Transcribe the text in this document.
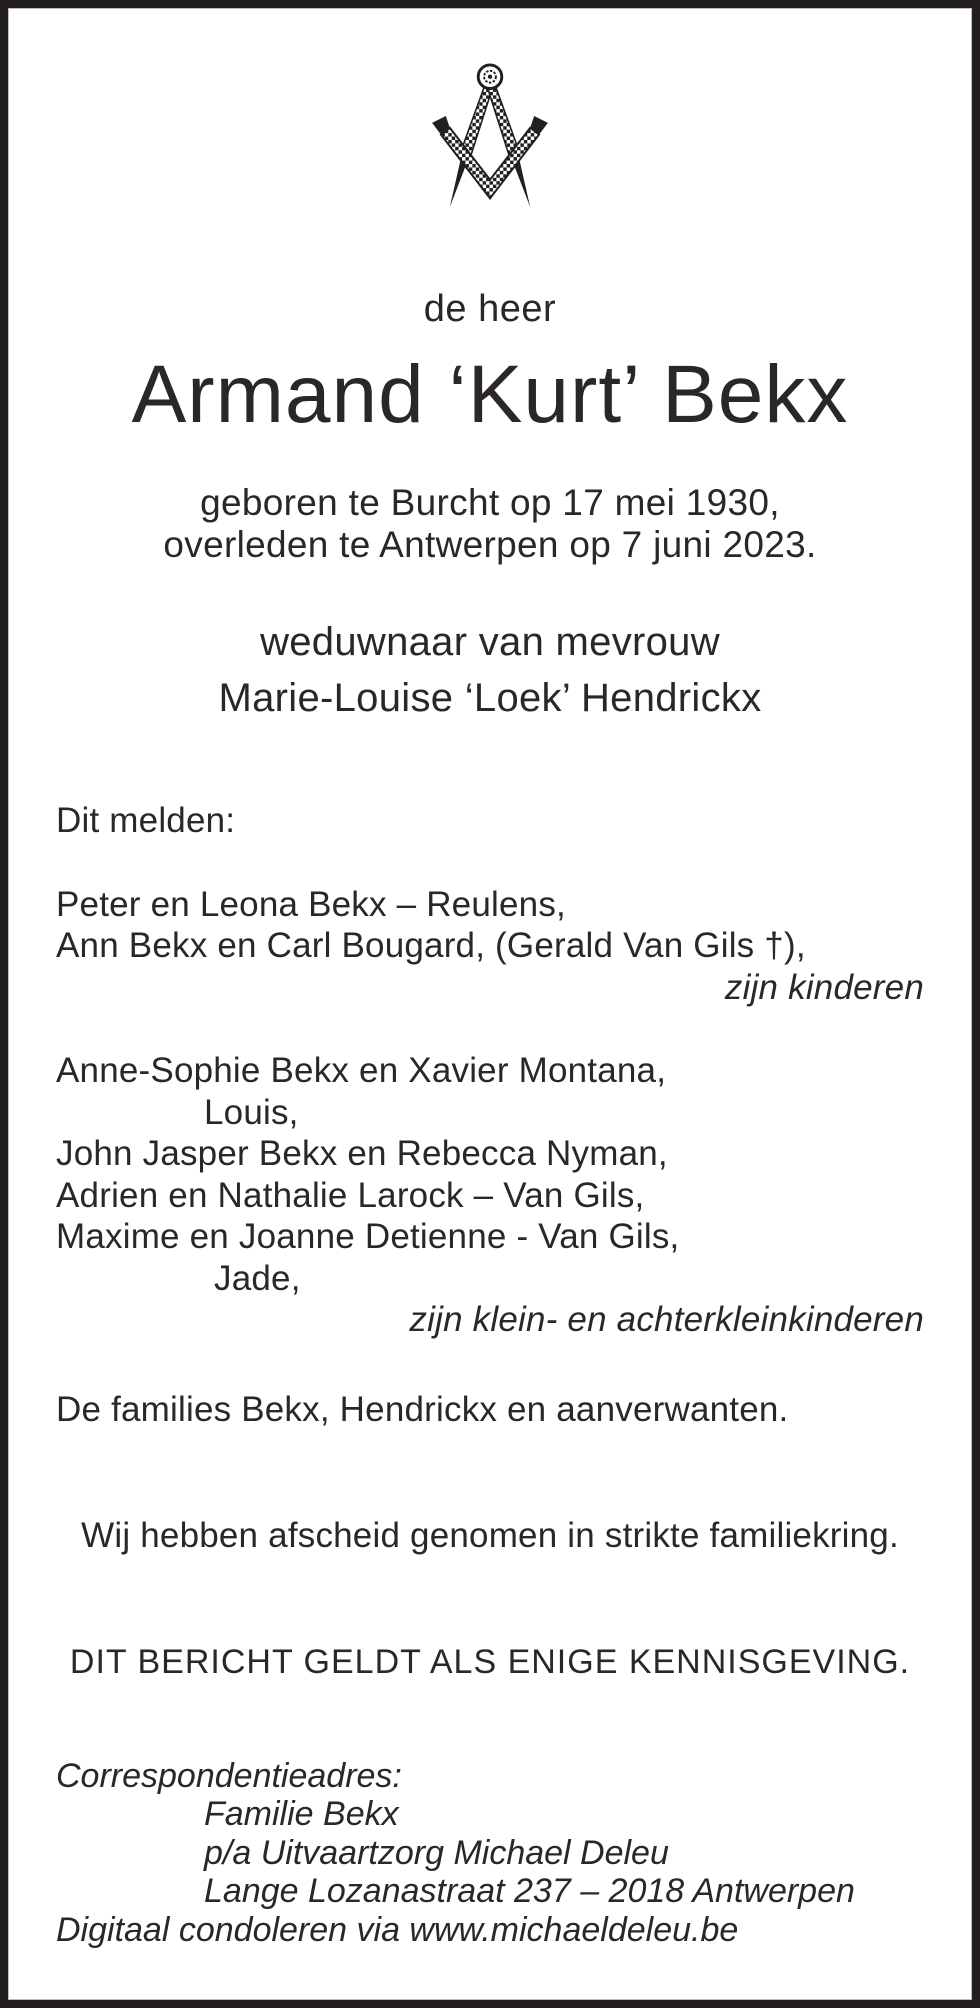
de heer
Armand ‘Kurt’ Bekx
geboren te Burcht op 17 mei 1930,
overleden te Antwerpen op 7 juni 2023.
weduwnaar van mevrouw
Marie-Louise ‘Loek’ Hendrickx
Dit melden:
Peter en Leona Bekx – Reulens,
Ann Bekx en Carl Bougard, (Gerald Van Gils †),
zijn kinderen
Anne-Sophie Bekx en Xavier Montana,
Louis,
John Jasper Bekx en Rebecca Nyman,
Adrien en Nathalie Larock – Van Gils,
Maxime en Joanne Detienne - Van Gils,
Jade,
zijn klein- en achterkleinkinderen
De families Bekx, Hendrickx en aanverwanten.
Wij hebben afscheid genomen in strikte familiekring.
DIT BERICHT GELDT ALS ENIGE KENNISGEVING.
Correspondentieadres:
Familie Bekx
p/a Uitvaartzorg Michael Deleu
Lange Lozanastraat 237 – 2018 Antwerpen
Digitaal condoleren via www.michaeldeleu.be
